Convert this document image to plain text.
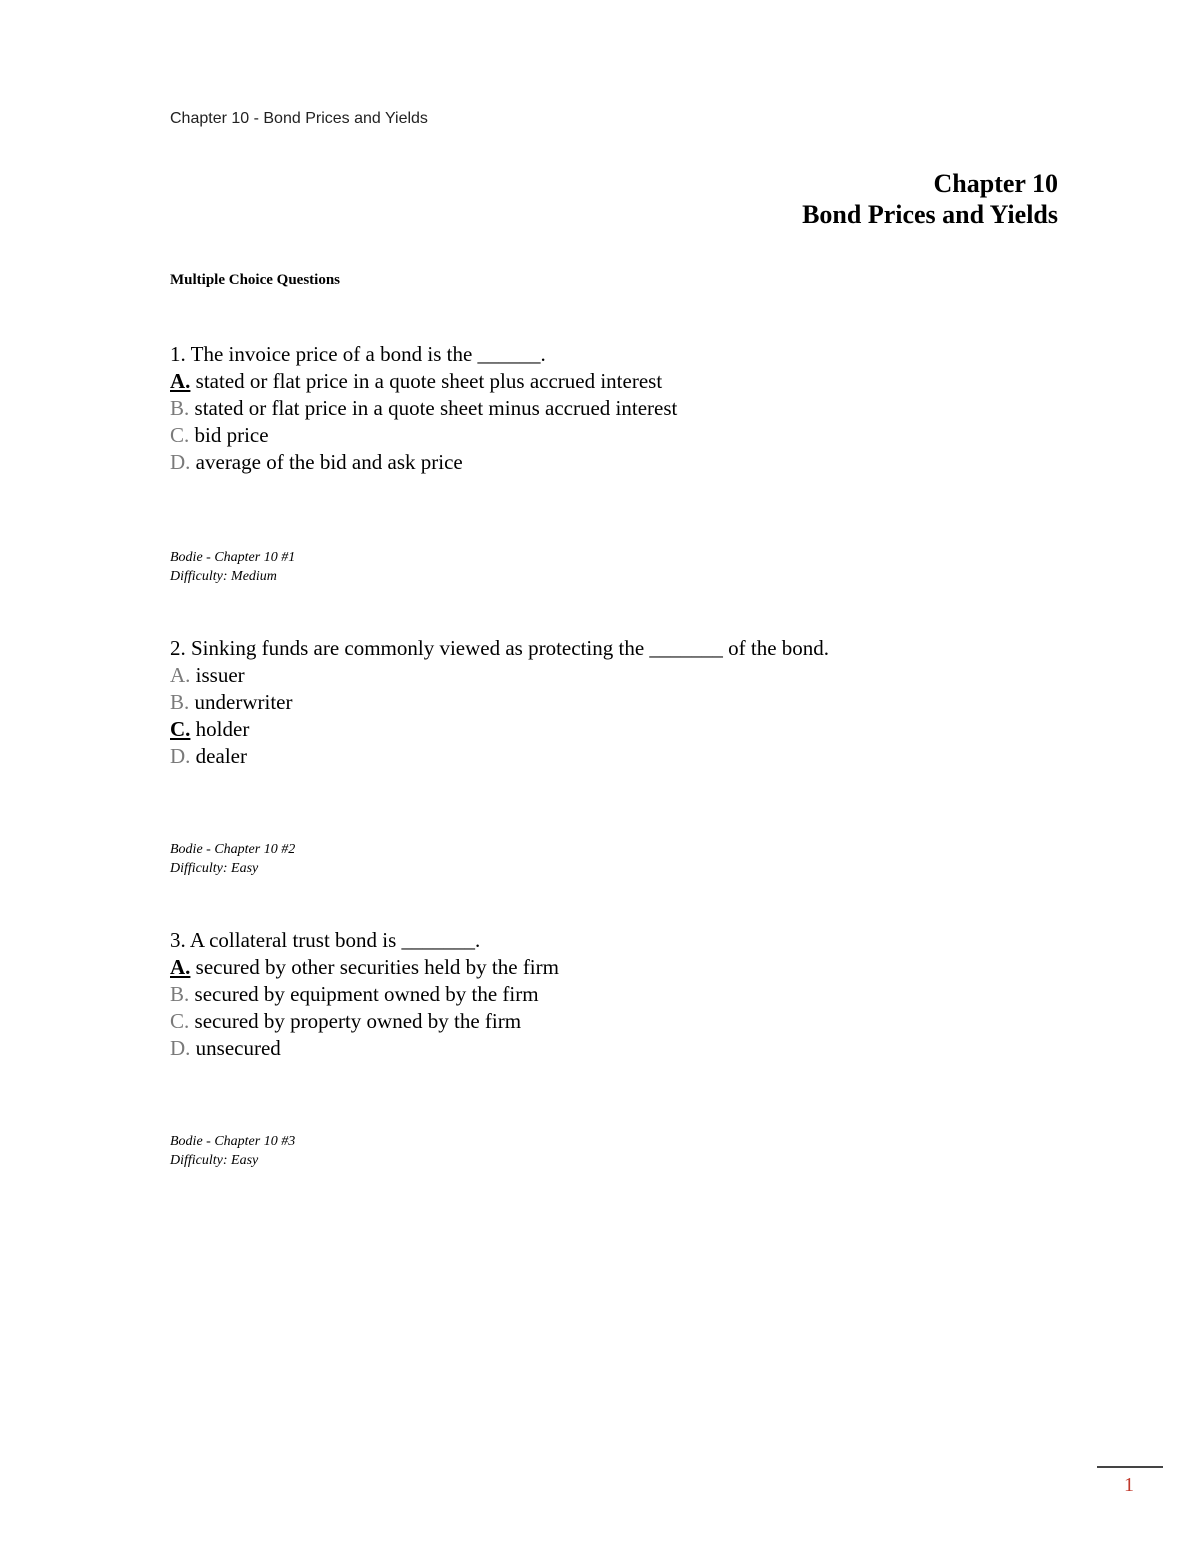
Chapter 10 - Bond Prices and Yields
Chapter 10
Bond Prices and Yields
Multiple Choice Questions
1. The invoice price of a bond is the ______.
A. stated or flat price in a quote sheet plus accrued interest
B. stated or flat price in a quote sheet minus accrued interest
C. bid price
D. average of the bid and ask price
Bodie - Chapter 10 #1
Difficulty: Medium
2. Sinking funds are commonly viewed as protecting the _______ of the bond.
A. issuer
B. underwriter
C. holder
D. dealer
Bodie - Chapter 10 #2
Difficulty: Easy
3. A collateral trust bond is _______.
A. secured by other securities held by the firm
B. secured by equipment owned by the firm
C. secured by property owned by the firm
D. unsecured
Bodie - Chapter 10 #3
Difficulty: Easy
1
